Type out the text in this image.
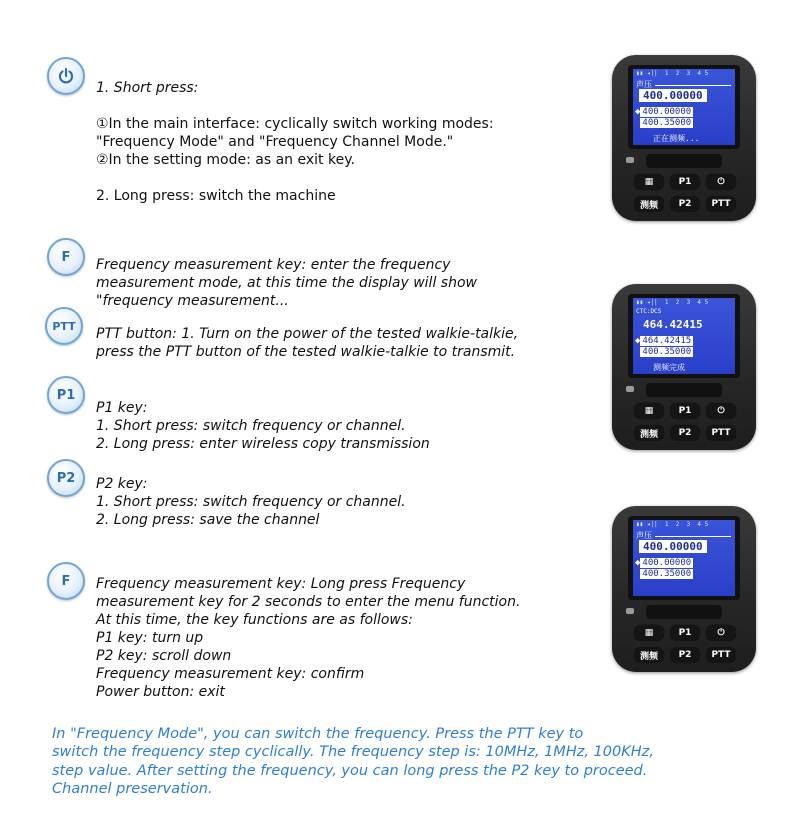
F
PTT
P1
P2
F

1. Short press:

①In the main interface: cyclically switch working modes:
"Frequency Mode" and "Frequency Channel Mode."
②In the setting mode: as an exit key.

2. Long press: switch the machine

Frequency measurement key: enter the frequency
measurement mode, at this time the display will show
"frequency measurement...

PTT button: 1. Turn on the power of the tested walkie-talkie,
press the PTT button of the tested walkie-talkie to transmit.

P1 key:
1. Short press: switch frequency or channel.
2. Long press: enter wireless copy transmission

P2 key:
1. Short press: switch frequency or channel.
2. Long press: save the channel

Frequency measurement key: Long press Frequency
measurement key for 2 seconds to enter the menu function.
At this time, the key functions are as follows:
P1 key: turn up
P2 key: scroll down
Frequency measurement key: confirm
Power button: exit

In "Frequency Mode", you can switch the frequency. Press the PTT key to
switch the frequency step cyclically. The frequency step is: 10MHz, 1MHz, 100KHz,
step value. After setting the frequency, you can long press the P2 key to proceed.
Channel preservation.

▮▮ ◂||  1  2  3  4 5
声压
400.00000
◆ 400.00000
400.35000
正在测频...
▦	P1	⏻
测频	P2	PTT
▮▮ ◂||  1  2  3  4 5
CTC:DCS
464.42415
◆ 464.42415
400.35000
测频完成
▦	P1	⏻
测频	P2	PTT
▮▮ ◂||  1  2  3  4 5
声压
400.00000
◆ 400.00000
400.35000
▦	P1	⏻
测频	P2	PTT
